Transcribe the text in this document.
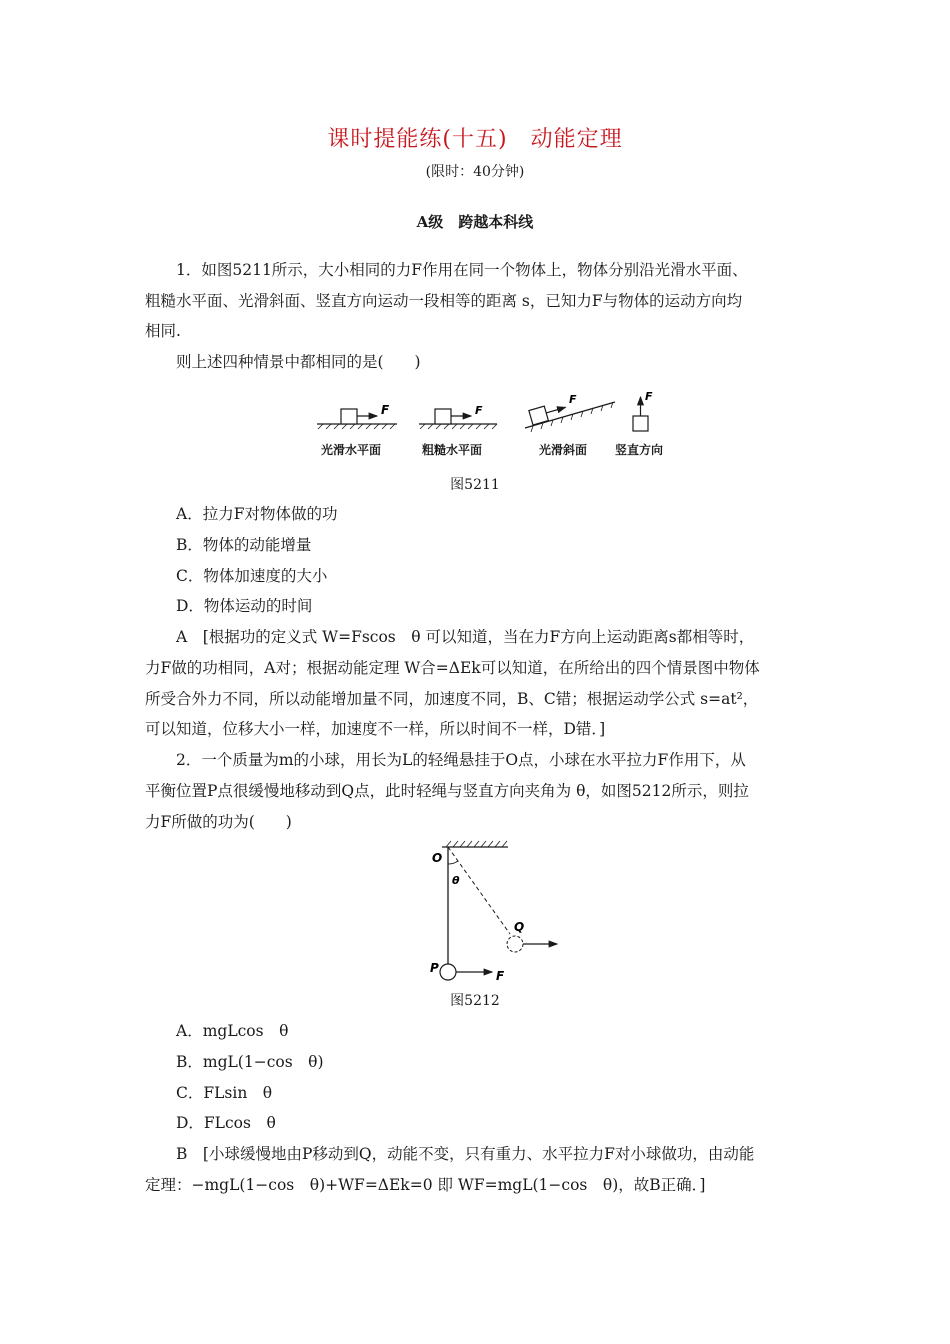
课时提能练(十五)　动能定理
(限时：40分钟)
A级　跨越本科线
1．如图5211所示，大小相同的力F作用在同一个物体上，物体分别沿光滑水平面、
粗糙水平面、光滑斜面、竖直方向运动一段相等的距离 s，已知力F与物体的运动方向均
相同.
则上述四种情景中都相同的是(　　)
F	F
F	F
光滑水平面	粗糙水平面	光滑斜面 竖直方向
图5211
A．拉力F对物体做的功
B．物体的动能增量
C．物体加速度的大小
D．物体运动的时间
A　[根据功的定义式 W=Fscos　θ 可以知道，当在力F方向上运动距离s都相等时，
力F做的功相同，A对；根据动能定理 W合=ΔEk可以知道，在所给出的四个情景图中物体
所受合外力不同，所以动能增加量不同，加速度不同，B、C错；根据运动学公式 s=at²，
可以知道，位移大小一样，加速度不一样，所以时间不一样，D错．]
2．一个质量为m的小球，用长为L的轻绳悬挂于O点，小球在水平拉力F作用下，从
平衡位置P点很缓慢地移动到Q点，此时轻绳与竖直方向夹角为 θ，如图5212所示，则拉
力F所做的功为(　　)
O
θ
Q
P
F
图5212
A．mgLcos　θ
B．mgL(1−cos　θ)
C．FLsin　θ
D．FLcos　θ
B　[小球缓慢地由P移动到Q，动能不变，只有重力、水平拉力F对小球做功，由动能
定理：−mgL(1−cos　θ)+WF=ΔEk=0 即 WF=mgL(1−cos　θ)，故B正确．]
